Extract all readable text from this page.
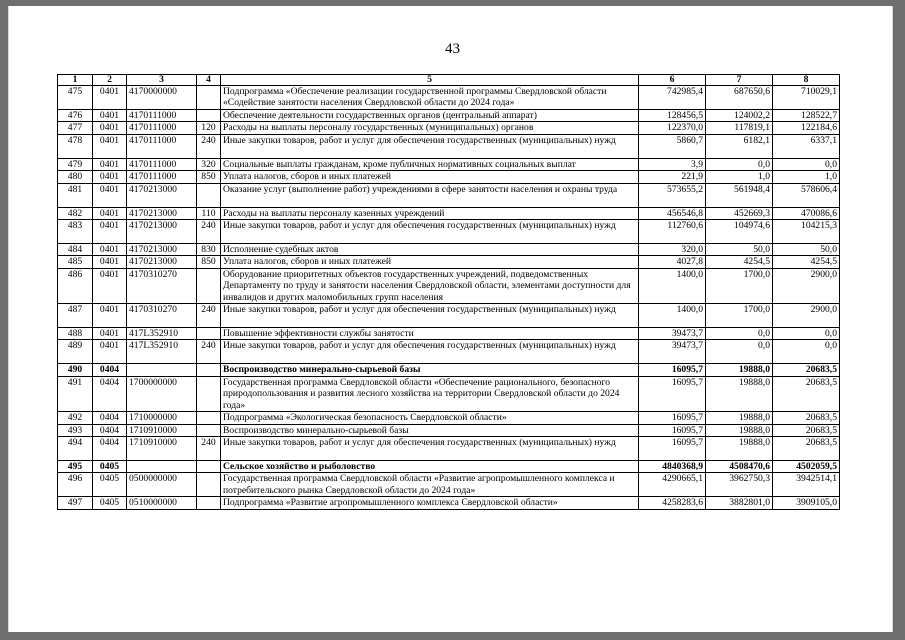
43
1	2	3	4	5	6	7	8
475	0401	4170000000		Подпрограмма «Обеспечение реализации государственной программы Свердловской области «Содействие занятости населения Свердловской области до 2024 года»	742985,4	687650,6	710029,1
476	0401	4170111000		Обеспечение деятельности государственных органов (центральный аппарат)	128456,5	124002,2	128522,7
477	0401	4170111000	120	Расходы на выплаты персоналу государственных (муниципальных) органов	122370,0	117819,1	122184,6
478	0401	4170111000	240	Иные закупки товаров, работ и услуг для обеспечения государственных (муниципальных) нужд	5860,7	6182,1	6337,1
479	0401	4170111000	320	Социальные выплаты гражданам, кроме публичных нормативных социальных выплат	3,9	0,0	0,0
480	0401	4170111000	850	Уплата налогов, сборов и иных платежей	221,9	1,0	1,0
481	0401	4170213000		Оказание услуг (выполнение работ) учреждениями в сфере занятости населения и охраны труда	573655,2	561948,4	578606,4
482	0401	4170213000	110	Расходы на выплаты персоналу казенных учреждений	456546,8	452669,3	470086,6
483	0401	4170213000	240	Иные закупки товаров, работ и услуг для обеспечения государственных (муниципальных) нужд	112760,6	104974,6	104215,3
484	0401	4170213000	830	Исполнение судебных актов	320,0	50,0	50,0
485	0401	4170213000	850	Уплата налогов, сборов и иных платежей	4027,8	4254,5	4254,5
486	0401	4170310270		Оборудование приоритетных объектов государственных учреждений, подведомственных Департаменту по труду и занятости населения Свердловской области, элементами доступности для инвалидов и других маломобильных групп населения	1400,0	1700,0	2900,0
487	0401	4170310270	240	Иные закупки товаров, работ и услуг для обеспечения государственных (муниципальных) нужд	1400,0	1700,0	2900,0
488	0401	417L352910		Повышение эффективности службы занятости	39473,7	0,0	0,0
489	0401	417L352910	240	Иные закупки товаров, работ и услуг для обеспечения государственных (муниципальных) нужд	39473,7	0,0	0,0
490	0404			Воспроизводство минерально-сырьевой базы	16095,7	19888,0	20683,5
491	0404	1700000000		Государственная программа Свердловской области «Обеспечение рационального, безопасного природопользования и развития лесного хозяйства на территории Свердловской области до 2024 года»	16095,7	19888,0	20683,5
492	0404	1710000000		Подпрограмма «Экологическая безопасность Свердловской области»	16095,7	19888,0	20683,5
493	0404	1710910000		Воспроизводство минерально-сырьевой базы	16095,7	19888,0	20683,5
494	0404	1710910000	240	Иные закупки товаров, работ и услуг для обеспечения государственных (муниципальных) нужд	16095,7	19888,0	20683,5
495	0405			Сельское хозяйство и рыболовство	4840368,9	4508470,6	4502059,5
496	0405	0500000000		Государственная программа Свердловской области «Развитие агропромышленного комплекса и потребительского рынка Свердловской области до 2024 года»	4290665,1	3962750,3	3942514,1
497	0405	0510000000		Подпрограмма «Развитие агропромышленного комплекса Свердловской области»	4258283,6	3882801,0	3909105,0
